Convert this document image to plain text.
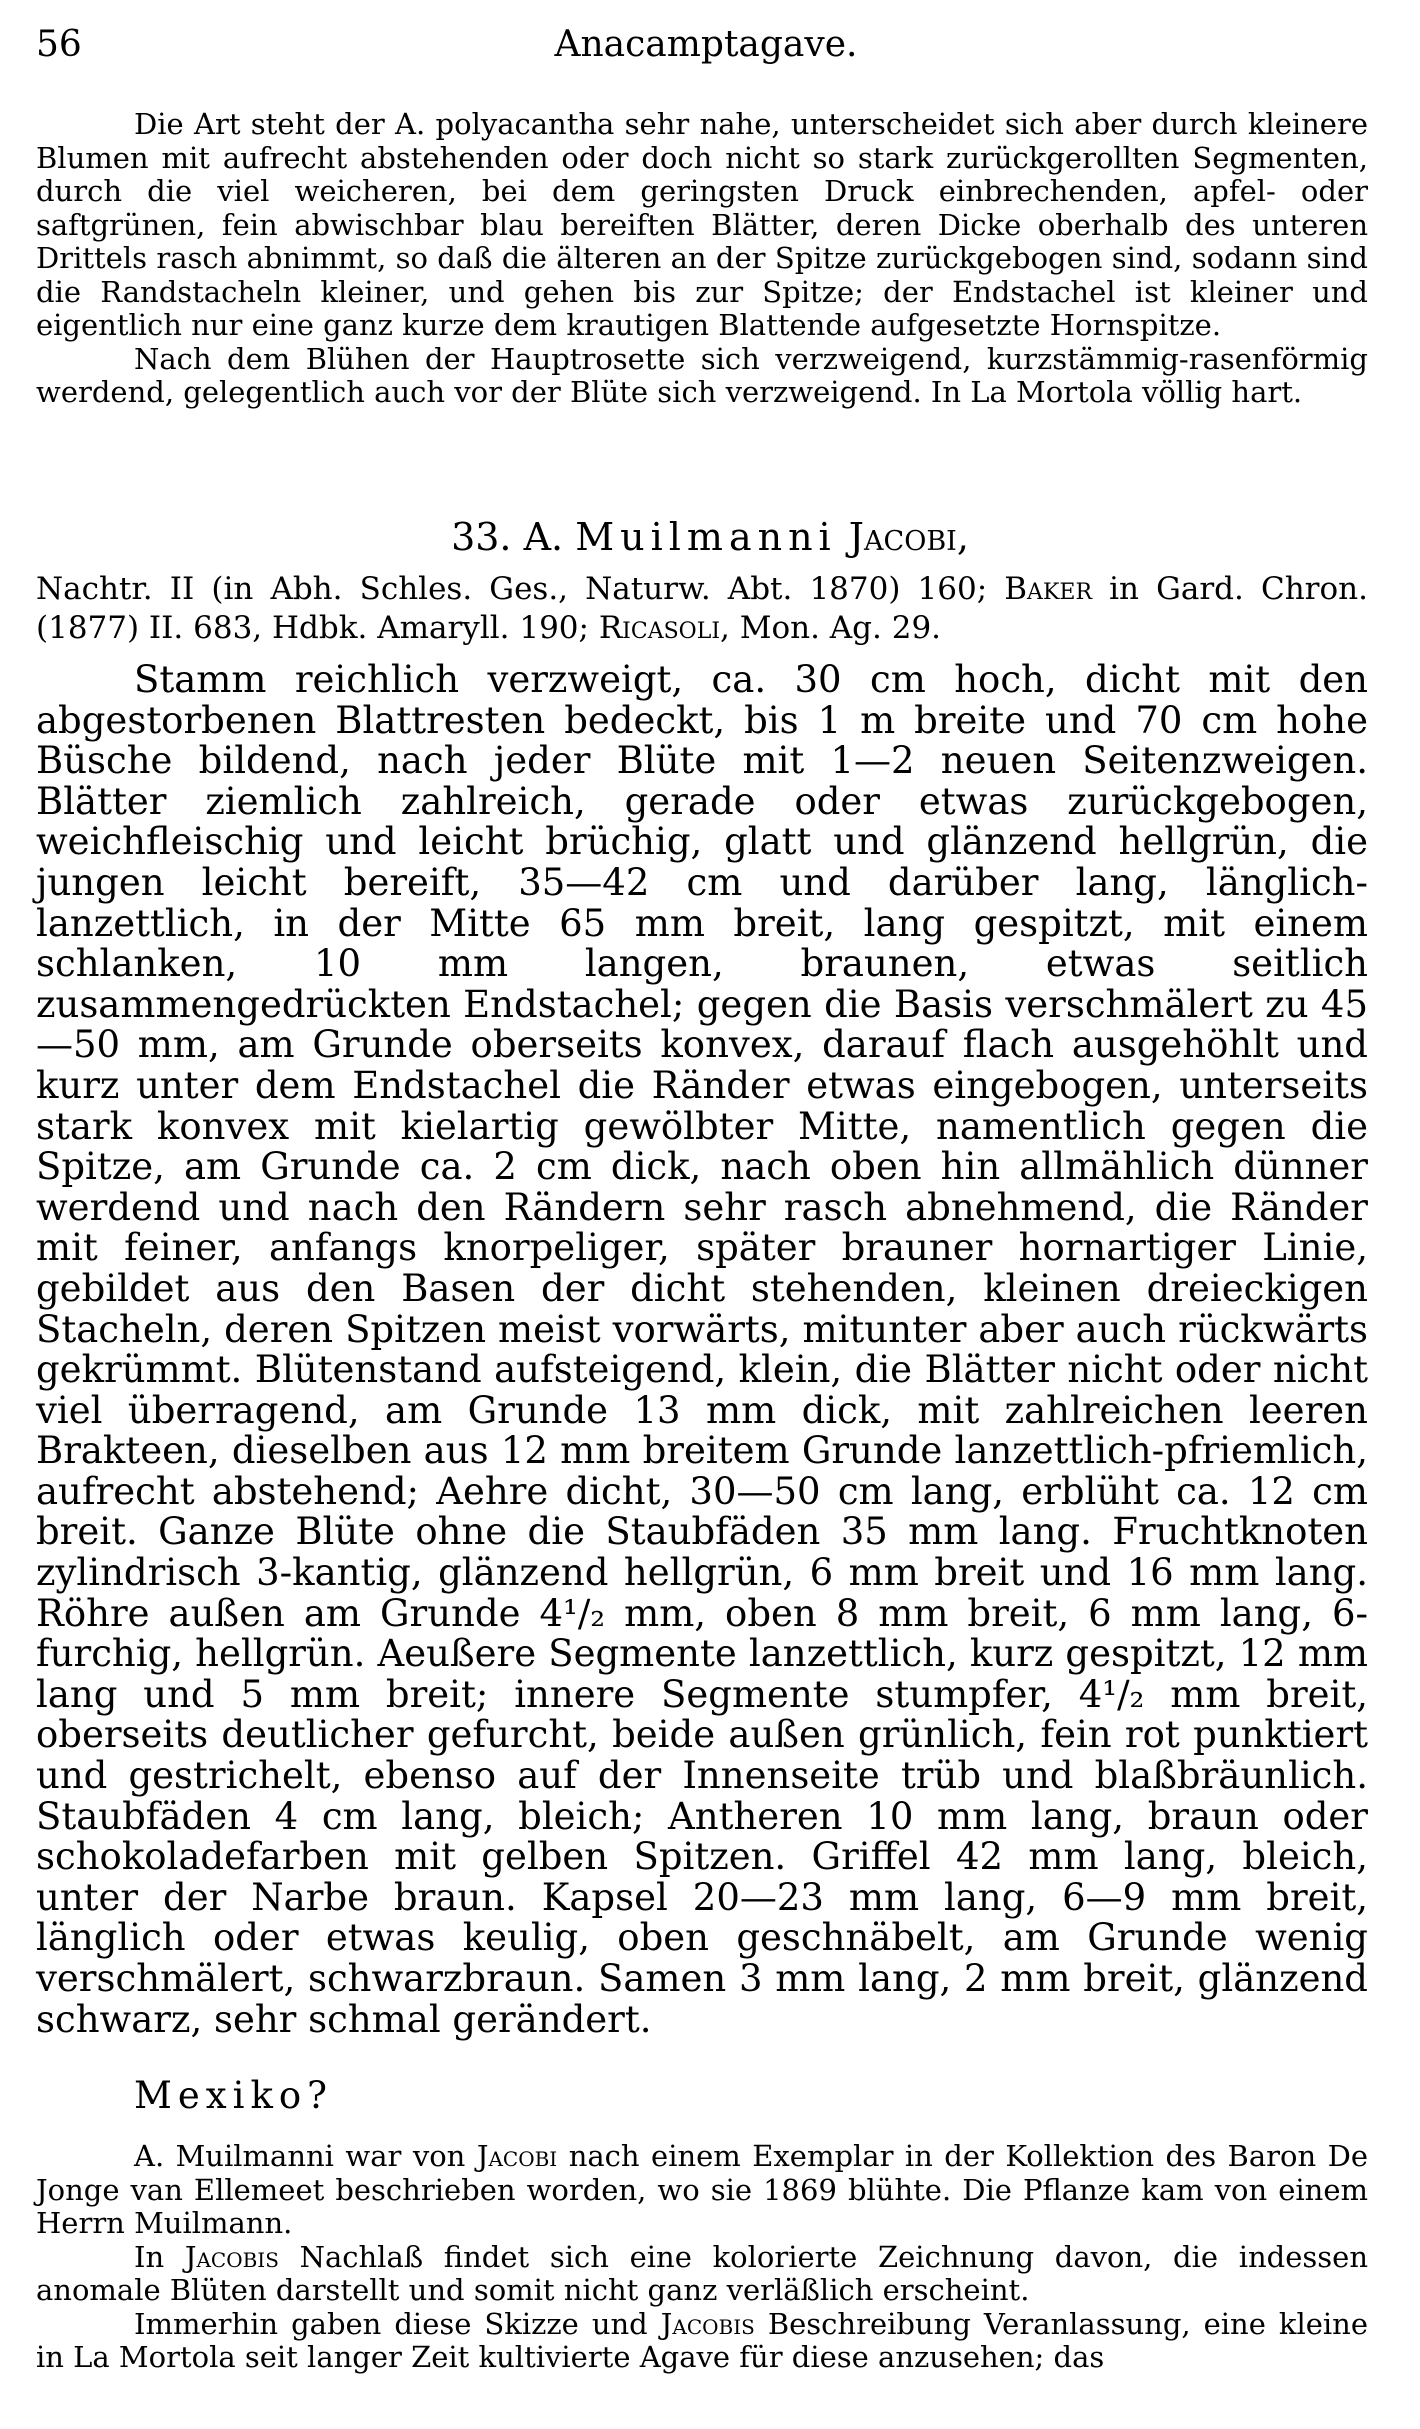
56	Anacamptagave.

Die Art steht der A. polyacantha sehr nahe, unterscheidet sich aber durch kleinere Blumen mit aufrecht abstehenden oder doch nicht so stark zurückgerollten Segmenten, durch die viel weicheren, bei dem geringsten Druck einbrechenden, apfel- oder saftgrünen, fein abwischbar blau bereiften Blätter, deren Dicke oberhalb des unteren Drittels rasch abnimmt, so daß die älteren an der Spitze zurückgebogen sind, sodann sind die Randstacheln kleiner, und gehen bis zur Spitze; der Endstachel ist kleiner und eigentlich nur eine ganz kurze dem krautigen Blattende aufgesetzte Hornspitze.

Nach dem Blühen der Hauptrosette sich verzweigend, kurzstämmig-rasenförmig werdend, gelegentlich auch vor der Blüte sich verzweigend. In La Mortola völlig hart.

33. A. Muilmanni Jacobi,

Nachtr. II (in Abh. Schles. Ges., Naturw. Abt. 1870) 160; Baker in Gard. Chron. (1877) II. 683, Hdbk. Amaryll. 190; Ricasoli, Mon. Ag. 29.

Stamm reichlich verzweigt, ca. 30 cm hoch, dicht mit den abgestorbenen Blattresten bedeckt, bis 1 m breite und 70 cm hohe Büsche bildend, nach jeder Blüte mit 1—2 neuen Seitenzweigen. Blätter ziemlich zahlreich, gerade oder etwas zurückgebogen, weichfleischig und leicht brüchig, glatt und glänzend hellgrün, die jungen leicht bereift, 35—42 cm und darüber lang, länglich-lanzettlich, in der Mitte 65 mm breit, lang gespitzt, mit einem schlanken, 10 mm langen, braunen, etwas seitlich zusammengedrückten Endstachel; gegen die Basis verschmälert zu 45—50 mm, am Grunde oberseits konvex, darauf flach ausgehöhlt und kurz unter dem Endstachel die Ränder etwas eingebogen, unterseits stark konvex mit kielartig gewölbter Mitte, namentlich gegen die Spitze, am Grunde ca. 2 cm dick, nach oben hin allmählich dünner werdend und nach den Rändern sehr rasch abnehmend, die Ränder mit feiner, anfangs knorpeliger, später brauner hornartiger Linie, gebildet aus den Basen der dicht stehenden, kleinen dreieckigen Stacheln, deren Spitzen meist vorwärts, mitunter aber auch rückwärts gekrümmt. Blütenstand aufsteigend, klein, die Blätter nicht oder nicht viel überragend, am Grunde 13 mm dick, mit zahlreichen leeren Brakteen, dieselben aus 12 mm breitem Grunde lanzettlich-pfriemlich, aufrecht abstehend; Aehre dicht, 30—50 cm lang, erblüht ca. 12 cm breit. Ganze Blüte ohne die Staubfäden 35 mm lang. Fruchtknoten zylindrisch 3-kantig, glänzend hellgrün, 6 mm breit und 16 mm lang. Röhre außen am Grunde 4¹/₂ mm, oben 8 mm breit, 6 mm lang, 6-furchig, hellgrün. Aeußere Segmente lanzettlich, kurz gespitzt, 12 mm lang und 5 mm breit; innere Segmente stumpfer, 4¹/₂ mm breit, oberseits deutlicher gefurcht, beide außen grünlich, fein rot punktiert und gestrichelt, ebenso auf der Innenseite trüb und blaßbräunlich. Staubfäden 4 cm lang, bleich; Antheren 10 mm lang, braun oder schokoladefarben mit gelben Spitzen. Griffel 42 mm lang, bleich, unter der Narbe braun. Kapsel 20—23 mm lang, 6—9 mm breit, länglich oder etwas keulig, oben geschnäbelt, am Grunde wenig verschmälert, schwarzbraun. Samen 3 mm lang, 2 mm breit, glänzend schwarz, sehr schmal gerändert.

Mexiko?

A. Muilmanni war von Jacobi nach einem Exemplar in der Kollektion des Baron De Jonge van Ellemeet beschrieben worden, wo sie 1869 blühte. Die Pflanze kam von einem Herrn Muilmann.

In Jacobis Nachlaß findet sich eine kolorierte Zeichnung davon, die indessen anomale Blüten darstellt und somit nicht ganz verläßlich erscheint.

Immerhin gaben diese Skizze und Jacobis Beschreibung Veranlassung, eine kleine in La Mortola seit langer Zeit kultivierte Agave für diese anzusehen; das
